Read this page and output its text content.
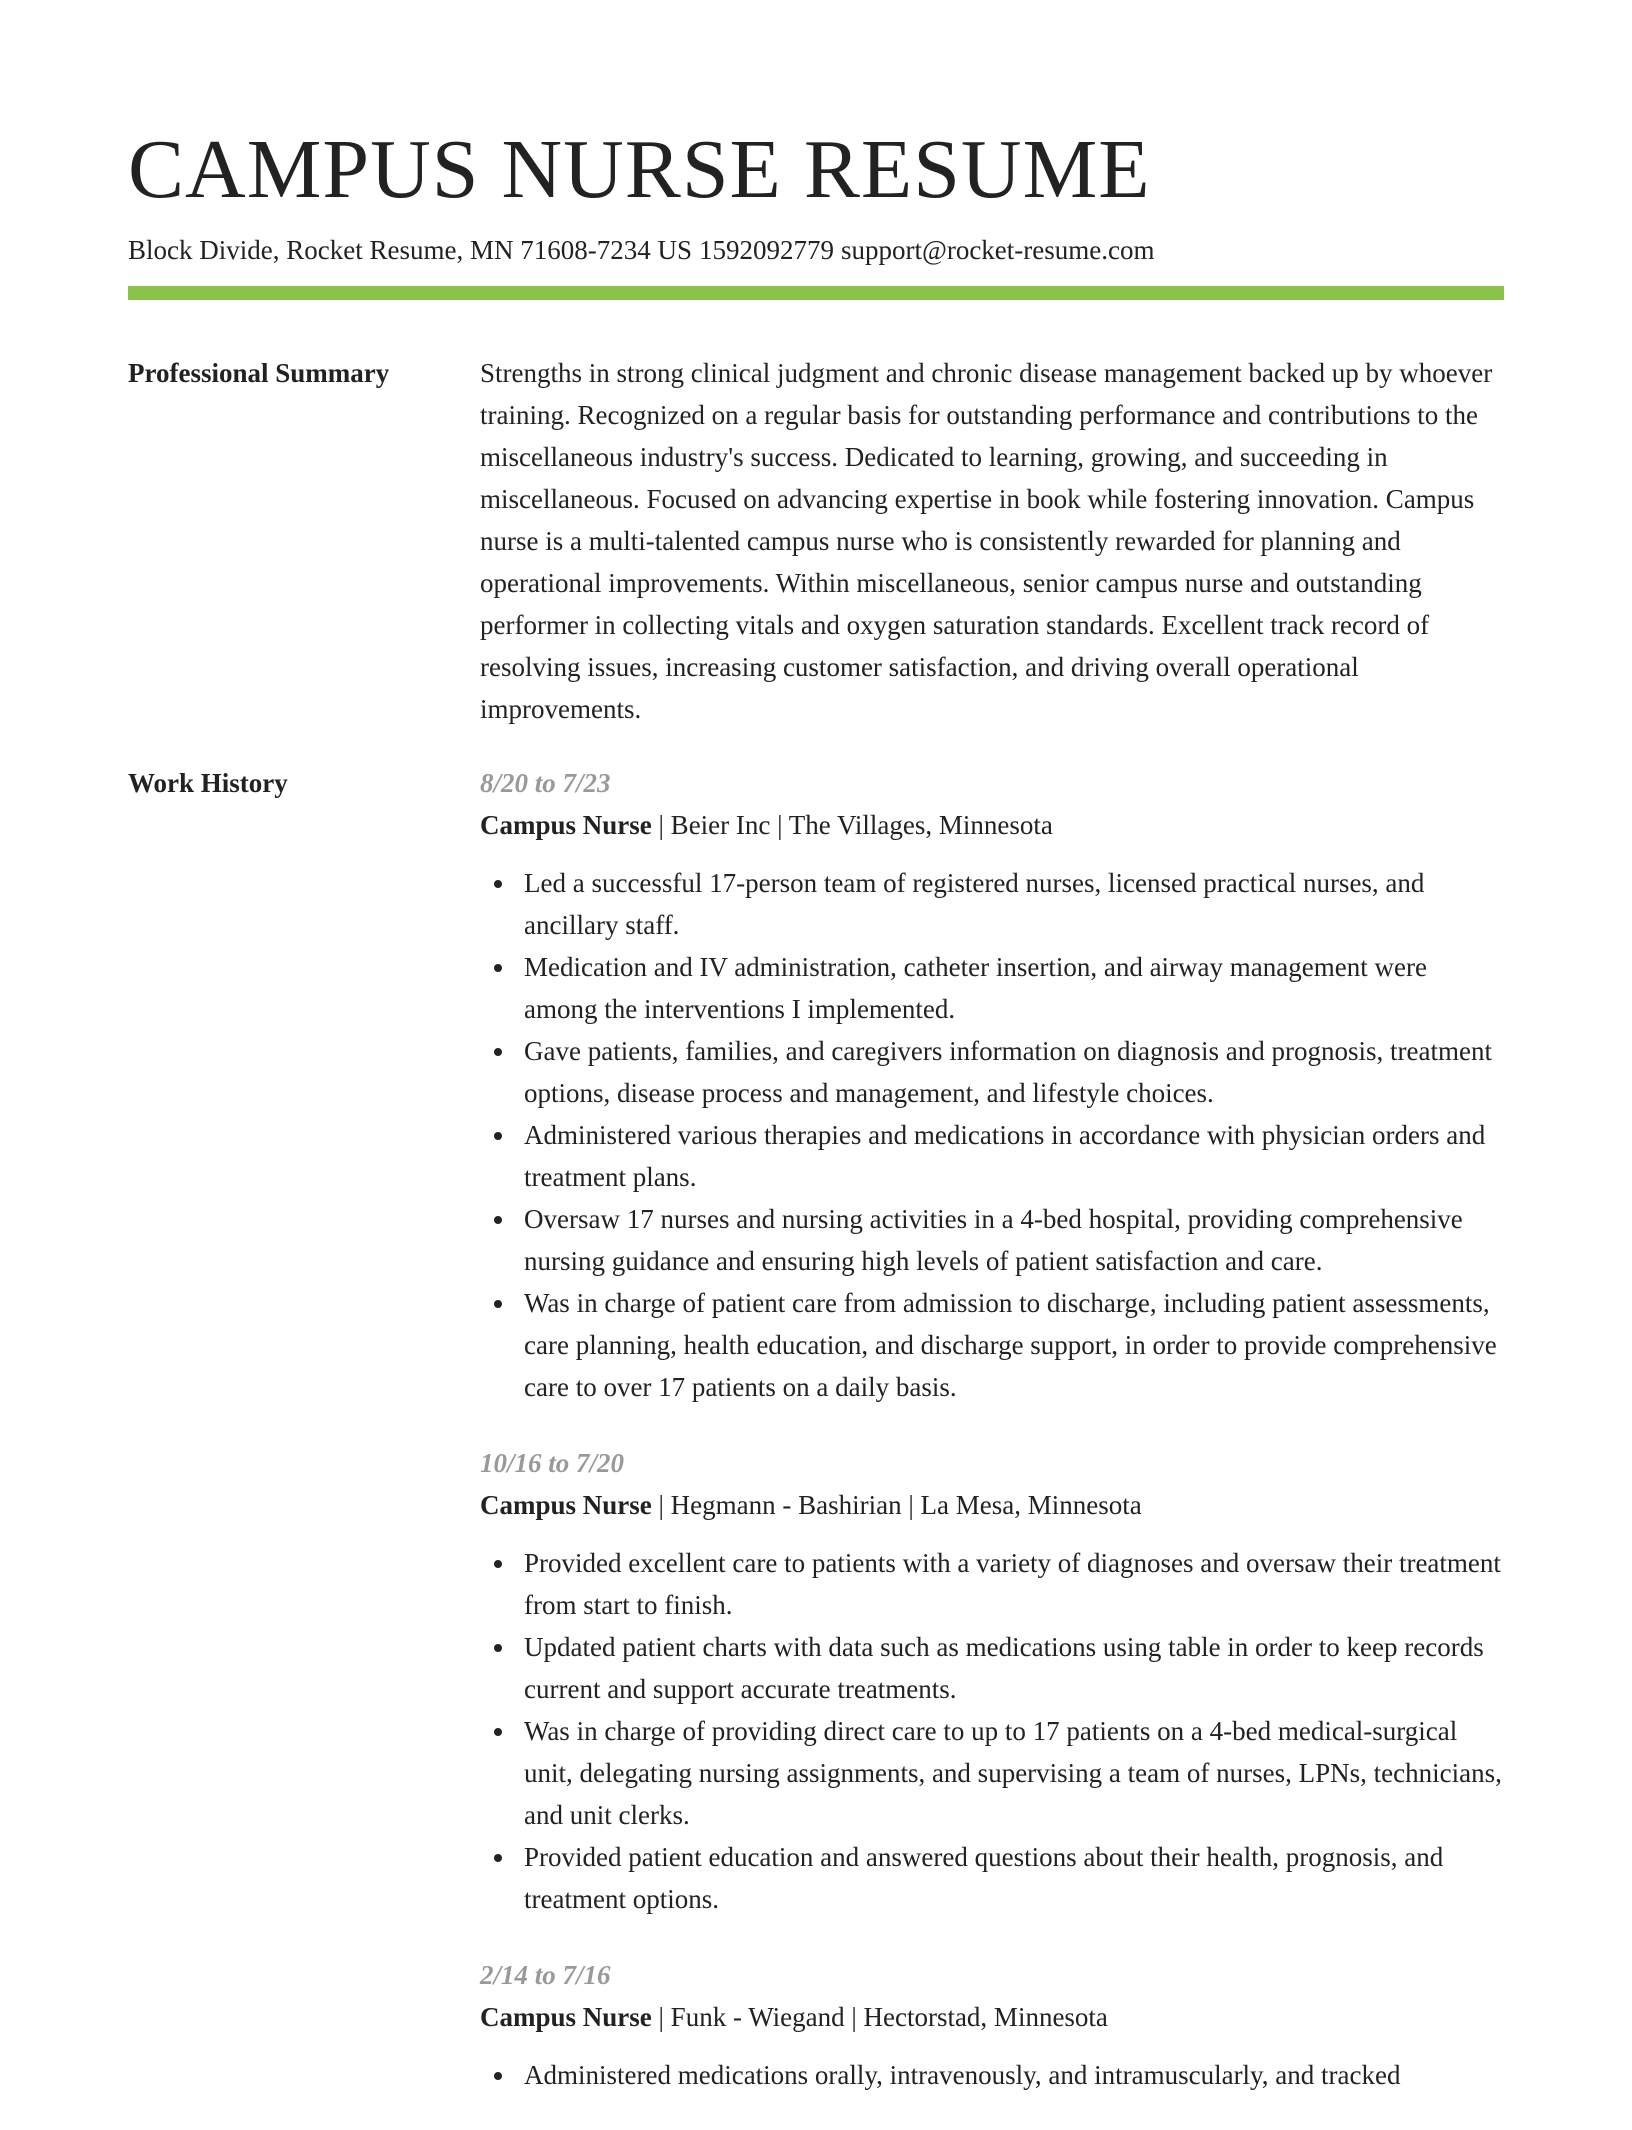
CAMPUS NURSE RESUME
Block Divide, Rocket Resume, MN 71608-7234 US 1592092779 support@rocket-resume.com
Professional Summary	Strengths in strong clinical judgment and chronic disease management backed up by whoever training. Recognized on a regular basis for outstanding performance and contributions to the miscellaneous industry's success. Dedicated to learning, growing, and succeeding in miscellaneous. Focused on advancing expertise in book while fostering innovation. Campus nurse is a multi-talented campus nurse who is consistently rewarded for planning and operational improvements. Within miscellaneous, senior campus nurse and outstanding performer in collecting vitals and oxygen saturation standards. Excellent track record of resolving issues, increasing customer satisfaction, and driving overall operational improvements.

Work History	8/20 to 7/23
Campus Nurse | Beier Inc | The Villages, Minnesota
Led a successful 17-person team of registered nurses, licensed practical nurses, and ancillary staff.
Medication and IV administration, catheter insertion, and airway management were among the interventions I implemented.
Gave patients, families, and caregivers information on diagnosis and prognosis, treatment options, disease process and management, and lifestyle choices.
Administered various therapies and medications in accordance with physician orders and treatment plans.
Oversaw 17 nurses and nursing activities in a 4-bed hospital, providing comprehensive nursing guidance and ensuring high levels of patient satisfaction and care.
Was in charge of patient care from admission to discharge, including patient assessments, care planning, health education, and discharge support, in order to provide comprehensive care to over 17 patients on a daily basis.
10/16 to 7/20
Campus Nurse | Hegmann - Bashirian | La Mesa, Minnesota
Provided excellent care to patients with a variety of diagnoses and oversaw their treatment from start to finish.
Updated patient charts with data such as medications using table in order to keep records current and support accurate treatments.
Was in charge of providing direct care to up to 17 patients on a 4-bed medical-surgical unit, delegating nursing assignments, and supervising a team of nurses, LPNs, technicians, and unit clerks.
Provided patient education and answered questions about their health, prognosis, and treatment options.
2/14 to 7/16
Campus Nurse | Funk - Wiegand | Hectorstad, Minnesota
Administered medications orally, intravenously, and intramuscularly, and tracked
